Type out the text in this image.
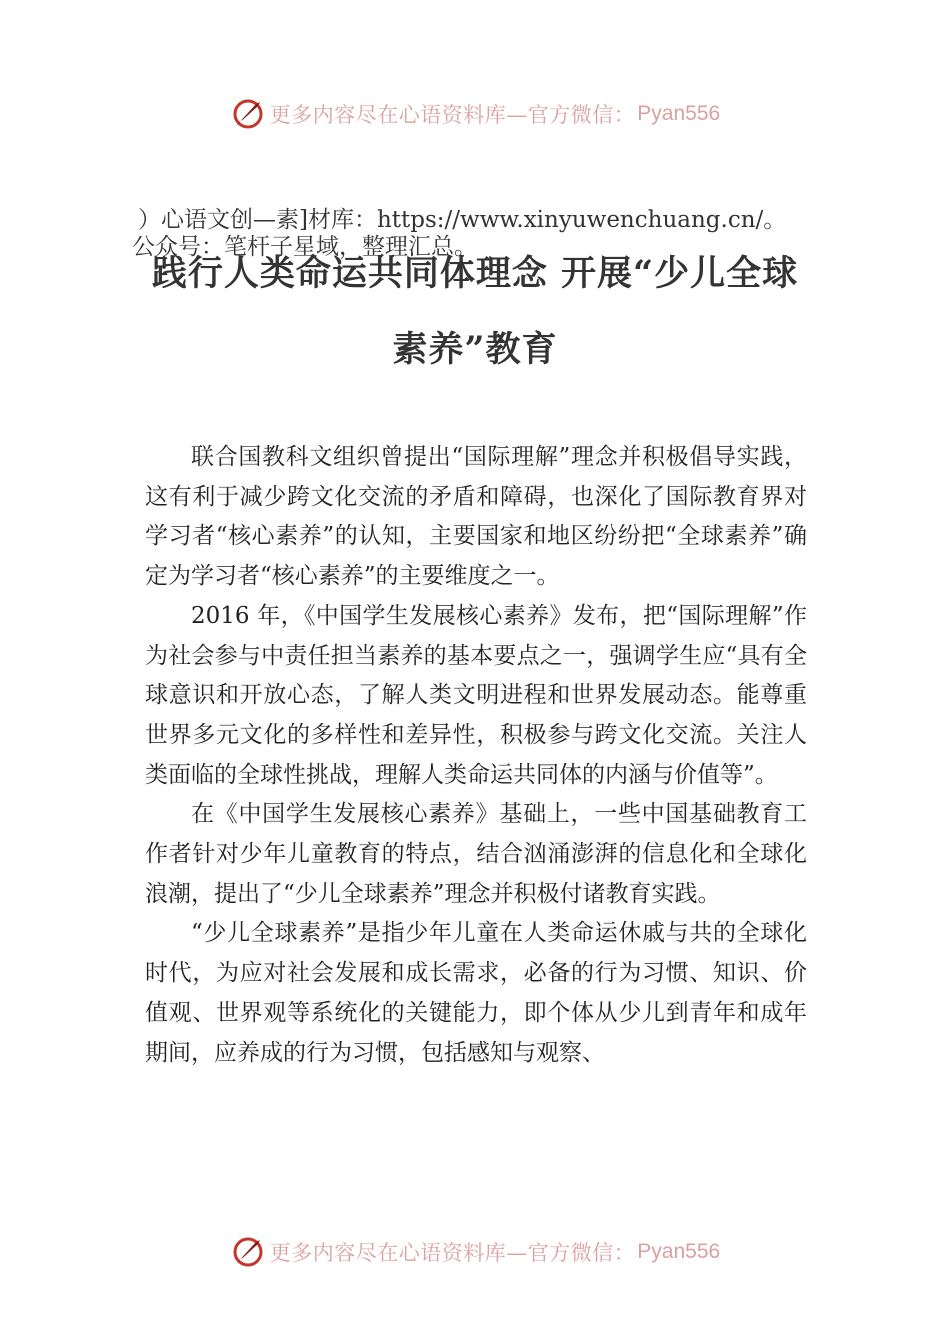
更多内容尽在心语资料库—官方微信： Pyan556
）心语文创—素]材库：https://www.xinyuwenchuang.cn/。
公众号：笔杆子星域，整理汇总。
践行人类命运共同体理念 开展“少儿全球
素养”教育

联合国教科文组织曾提出“国际理解”理念并积极倡导实践，这有利于减少跨文化交流的矛盾和障碍，也深化了国际教育界对学习者“核心素养”的认知，主要国家和地区纷纷把“全球素养”确定为学习者“核心素养”的主要维度之一。

2016 年，《中国学生发展核心素养》发布，把“国际理解”作为社会参与中责任担当素养的基本要点之一，强调学生应“具有全球意识和开放心态，了解人类文明进程和世界发展动态。能尊重世界多元文化的多样性和差异性，积极参与跨文化交流。关注人类面临的全球性挑战，理解人类命运共同体的内涵与价值等”。

在《中国学生发展核心素养》基础上，一些中国基础教育工作者针对少年儿童教育的特点，结合汹涌澎湃的信息化和全球化浪潮，提出了“少儿全球素养”理念并积极付诸教育实践。

“少儿全球素养”是指少年儿童在人类命运休戚与共的全球化时代，为应对社会发展和成长需求，必备的行为习惯、知识、价值观、世界观等系统化的关键能力，即个体从少儿到青年和成年期间，应养成的行为习惯，包括感知与观察、

更多内容尽在心语资料库—官方微信： Pyan556
